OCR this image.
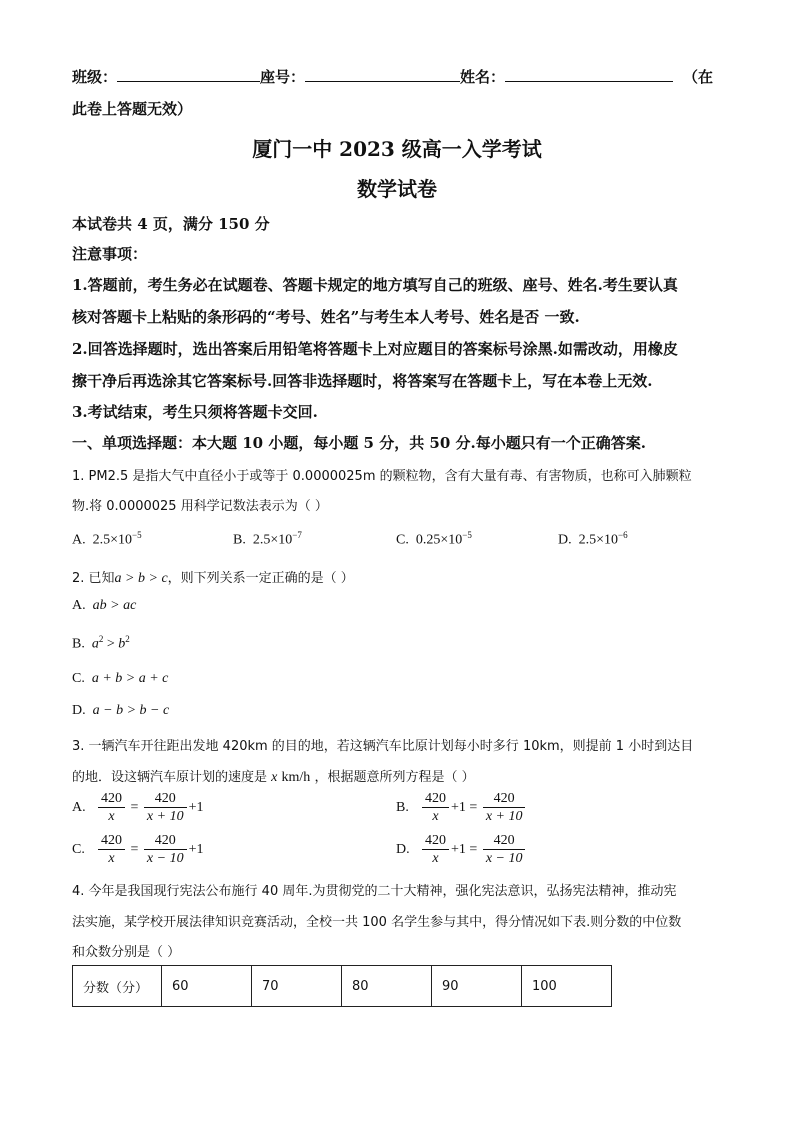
班级：	座号：	姓名：	（在
此卷上答题无效）
厦门一中 2023 级高一入学考试
数学试卷
本试卷共 4 页，满分 150 分
注意事项：
1.答题前，考生务必在试题卷、答题卡规定的地方填写自己的班级、座号、姓名.考生要认真
核对答题卡上粘贴的条形码的“考号、姓名”与考生本人考号、姓名是否 一致.
2.回答选择题时，选出答案后用铅笔将答题卡上对应题目的答案标号涂黑.如需改动，用橡皮
擦干净后再选涂其它答案标号.回答非选择题时，将答案写在答题卡上，写在本卷上无效.
3.考试结束，考生只须将答题卡交回.
一、单项选择题：本大题 10 小题，每小题 5 分，共 50 分.每小题只有一个正确答案.
1. PM2.5 是指大气中直径小于或等于 0.0000025m 的颗粒物，含有大量有毒、有害物质，也称可入肺颗粒
物.将 0.0000025 用科学记数法表示为（ ）
A. $2.5\times 10^{-5}$	B. $2.5\times 10^{-7}$	C. $0.25\times 10^{-5}$	D. $2.5\times 10^{-6}$
2. 已知a > b > c，则下列关系一定正确的是（ ）
A. ab > ac
B. $a^2 > b^2$
C. a + b > a + c
D. a − b > b − c
3. 一辆汽车开往距出发地 420km 的目的地，若这辆汽车比原计划每小时多行 10km，则提前 1 小时到达目
的地．设这辆汽车原计划的速度是 x km/h ，根据题意所列方程是（ ）
A. $\frac{420}{x} = \frac{420}{x + 10} +1$	B. $\frac{420}{x} +1 = \frac{420}{x + 10}$
C. $\frac{420}{x} = \frac{420}{x - 10} +1$	D. $\frac{420}{x} +1 = \frac{420}{x - 10}$
4. 今年是我国现行宪法公布施行 40 周年.为贯彻党的二十大精神，强化宪法意识，弘扬宪法精神，推动宪
法实施，某学校开展法律知识竞赛活动，全校一共 100 名学生参与其中，得分情况如下表.则分数的中位数
和众数分别是（ ）
分数（分）	60	70	80	90	100
